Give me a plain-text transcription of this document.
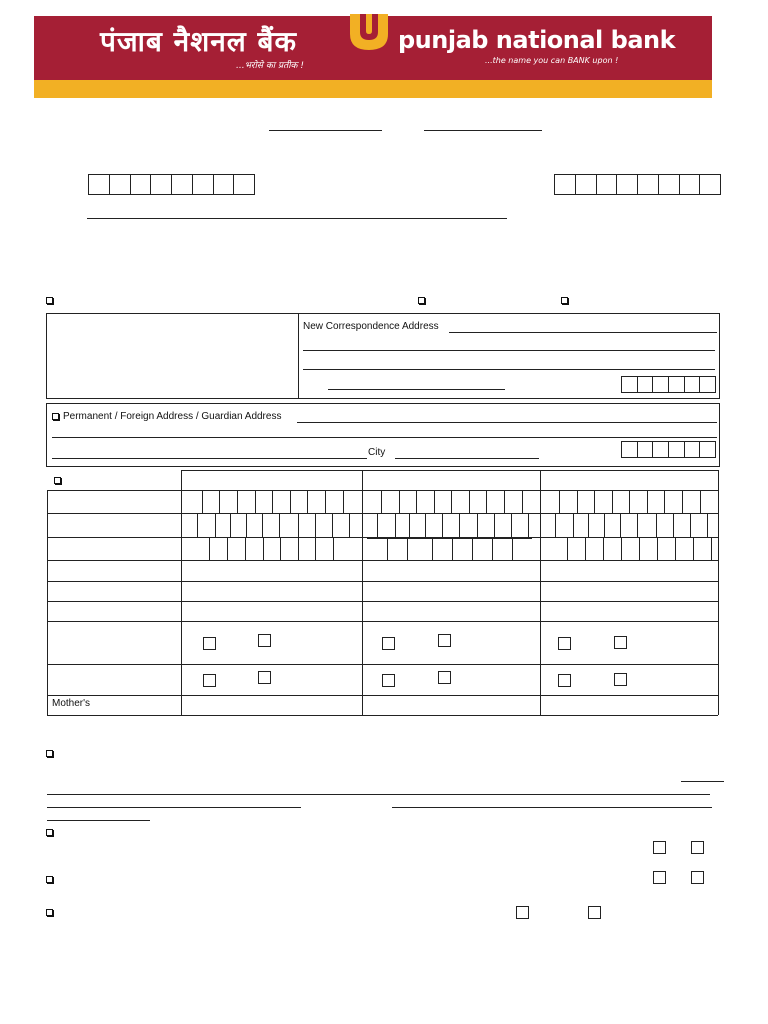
पंजाब नैशनल बैंक
...भरोसे का प्रतीक !
punjab national bank
...the name you can BANK upon !
New Correspondence Address
Permanent / Foreign Address / Guardian Address
City
Mother's
